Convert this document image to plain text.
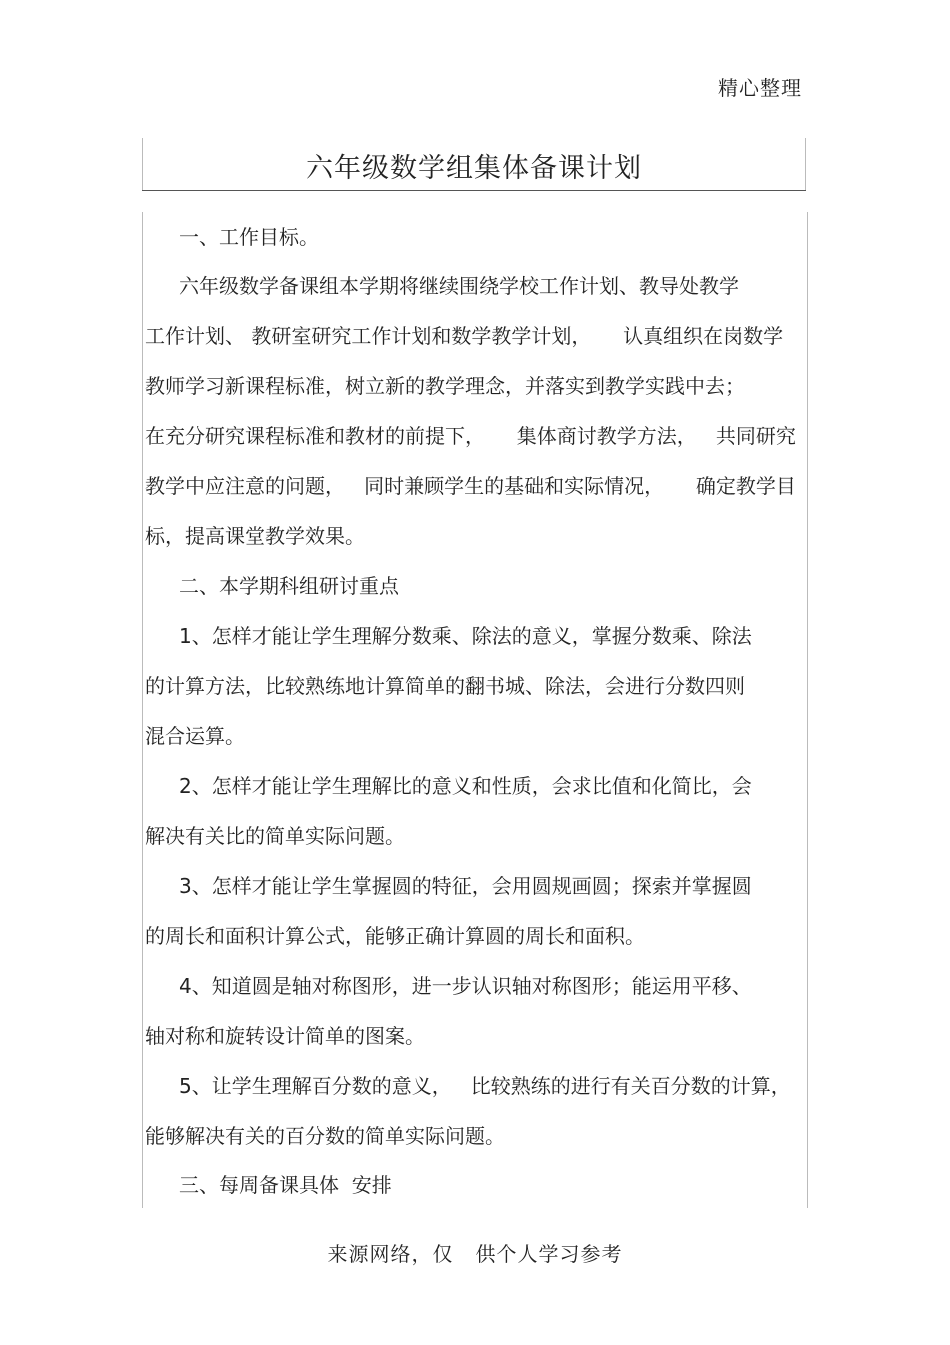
精心整理
六年级数学组集体备课计划
一、工作目标。
六年级数学备课组本学期将继续围绕学校工作计划、教导处教学
工作计划、 教研室研究工作计划和数学教学计划，     认真组织在岗数学
教师学习新课程标准，树立新的教学理念，并落实到教学实践中去；
在充分研究课程标准和教材的前提下，     集体商讨教学方法，   共同研究
教学中应注意的问题，   同时兼顾学生的基础和实际情况，     确定教学目
标，提高课堂教学效果。
二、本学期科组研讨重点
1、怎样才能让学生理解分数乘、除法的意义，掌握分数乘、除法
的计算方法，比较熟练地计算简单的翻书城、除法，会进行分数四则
混合运算。
2、怎样才能让学生理解比的意义和性质，会求比值和化简比，会
解决有关比的简单实际问题。
3、怎样才能让学生掌握圆的特征，会用圆规画圆；探索并掌握圆
的周长和面积计算公式，能够正确计算圆的周长和面积。
4、知道圆是轴对称图形，进一步认识轴对称图形；能运用平移、
轴对称和旋转设计简单的图案。
5、让学生理解百分数的意义，   比较熟练的进行有关百分数的计算，
能够解决有关的百分数的简单实际问题。
三、每周备课具体  安排
来源网络，仅   供个人学习参考
